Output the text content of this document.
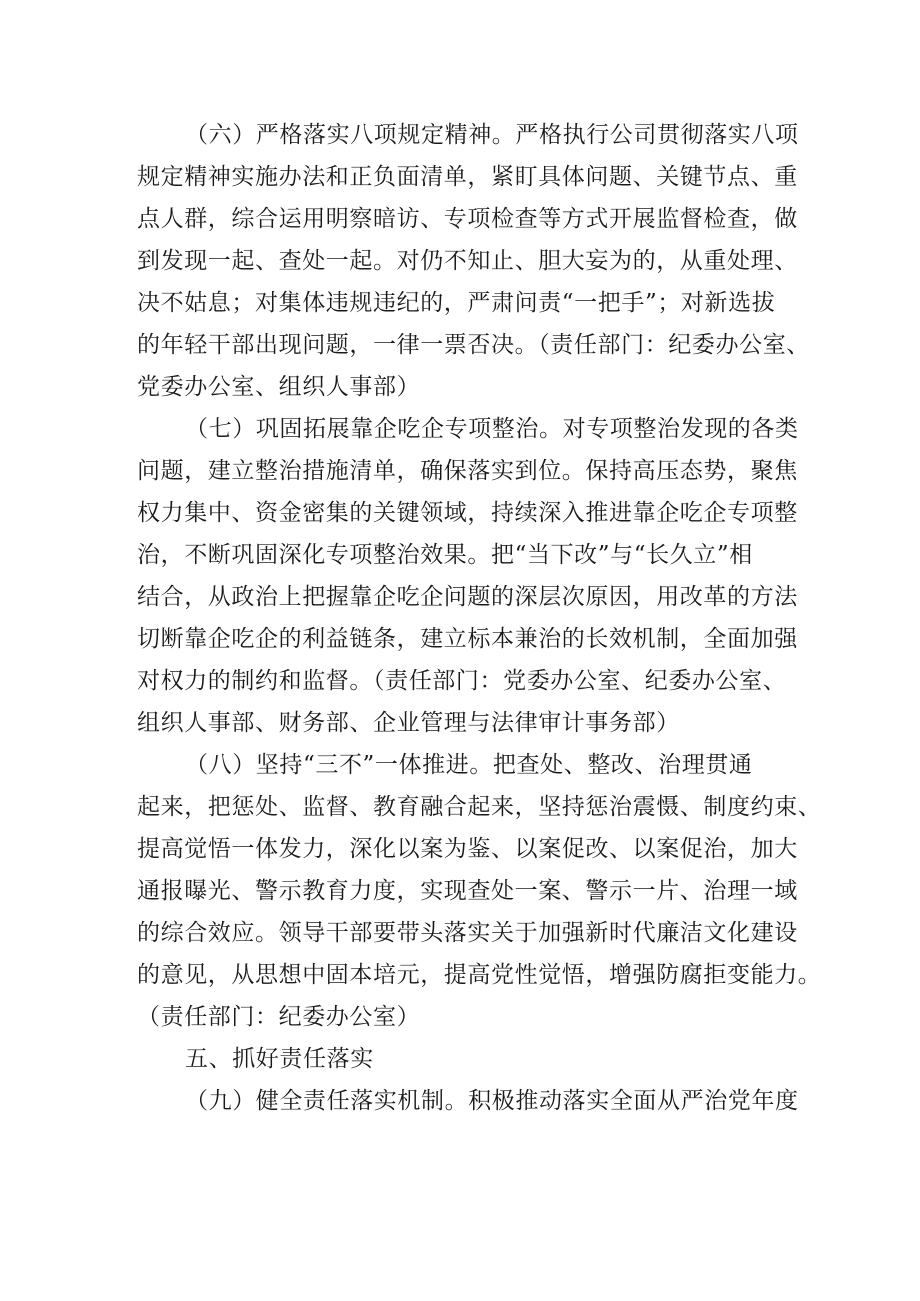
（六）严格落实八项规定精神。严格执行公司贯彻落实八项
规定精神实施办法和正负面清单，紧盯具体问题、关键节点、重
点人群，综合运用明察暗访、专项检查等方式开展监督检查，做
到发现一起、查处一起。对仍不知止、胆大妄为的，从重处理、
决不姑息；对集体违规违纪的，严肃问责“一把手”；对新选拔
的年轻干部出现问题，一律一票否决。（责任部门：纪委办公室、
党委办公室、组织人事部）
（七）巩固拓展靠企吃企专项整治。对专项整治发现的各类
问题，建立整治措施清单，确保落实到位。保持高压态势，聚焦
权力集中、资金密集的关键领域，持续深入推进靠企吃企专项整
治，不断巩固深化专项整治效果。把“当下改”与“长久立”相
结合，从政治上把握靠企吃企问题的深层次原因，用改革的方法
切断靠企吃企的利益链条，建立标本兼治的长效机制，全面加强
对权力的制约和监督。（责任部门：党委办公室、纪委办公室、
组织人事部、财务部、企业管理与法律审计事务部）
（八）坚持“三不”一体推进。把查处、整改、治理贯通
起来，把惩处、监督、教育融合起来，坚持惩治震慑、制度约束、
提高觉悟一体发力，深化以案为鉴、以案促改、以案促治，加大
通报曝光、警示教育力度，实现查处一案、警示一片、治理一域
的综合效应。领导干部要带头落实关于加强新时代廉洁文化建设
的意见，从思想中固本培元，提高党性觉悟，增强防腐拒变能力。
（责任部门：纪委办公室）
五、抓好责任落实
（九）健全责任落实机制。积极推动落实全面从严治党年度
